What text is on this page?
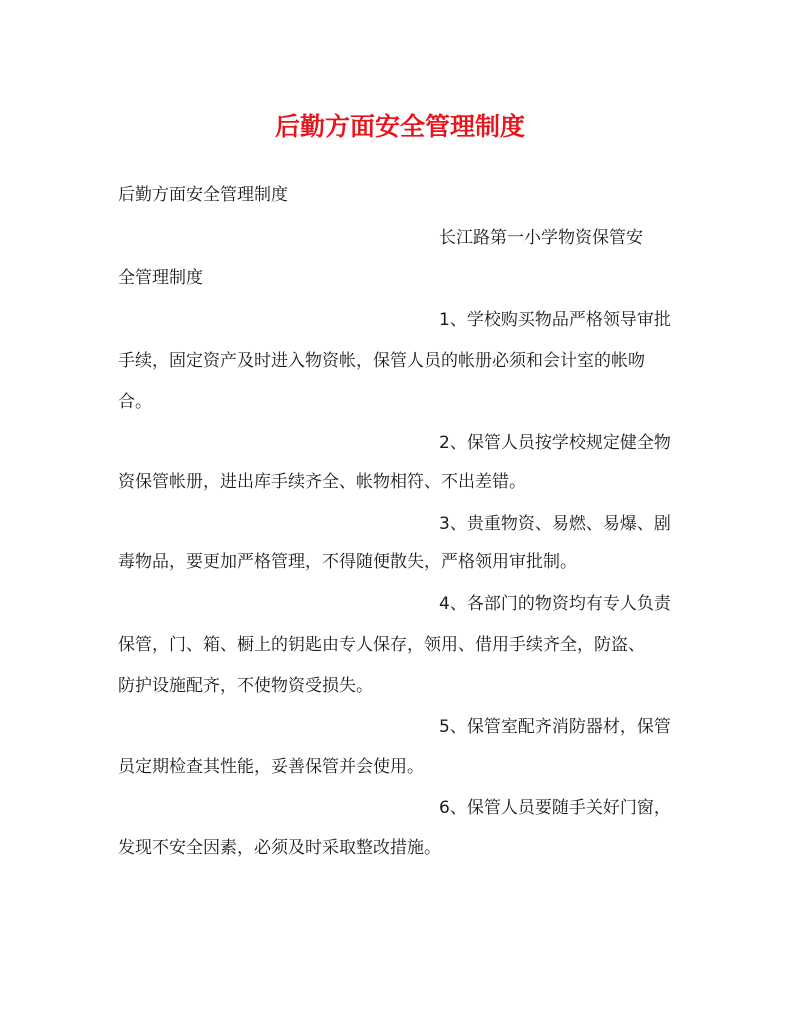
后勤方面安全管理制度

后勤方面安全管理制度

长江路第一小学物资保管安

全管理制度

1、学校购买物品严格领导审批

手续，固定资产及时进入物资帐，保管人员的帐册必须和会计室的帐吻

合。

2、保管人员按学校规定健全物

资保管帐册，进出库手续齐全、帐物相符、不出差错。

3、贵重物资、易燃、易爆、剧

毒物品，要更加严格管理，不得随便散失，严格领用审批制。

4、各部门的物资均有专人负责

保管，门、箱、橱上的钥匙由专人保存，领用、借用手续齐全，防盗、

防护设施配齐，不使物资受损失。

5、保管室配齐消防器材，保管

员定期检查其性能，妥善保管并会使用。

6、保管人员要随手关好门窗，

发现不安全因素，必须及时采取整改措施。
